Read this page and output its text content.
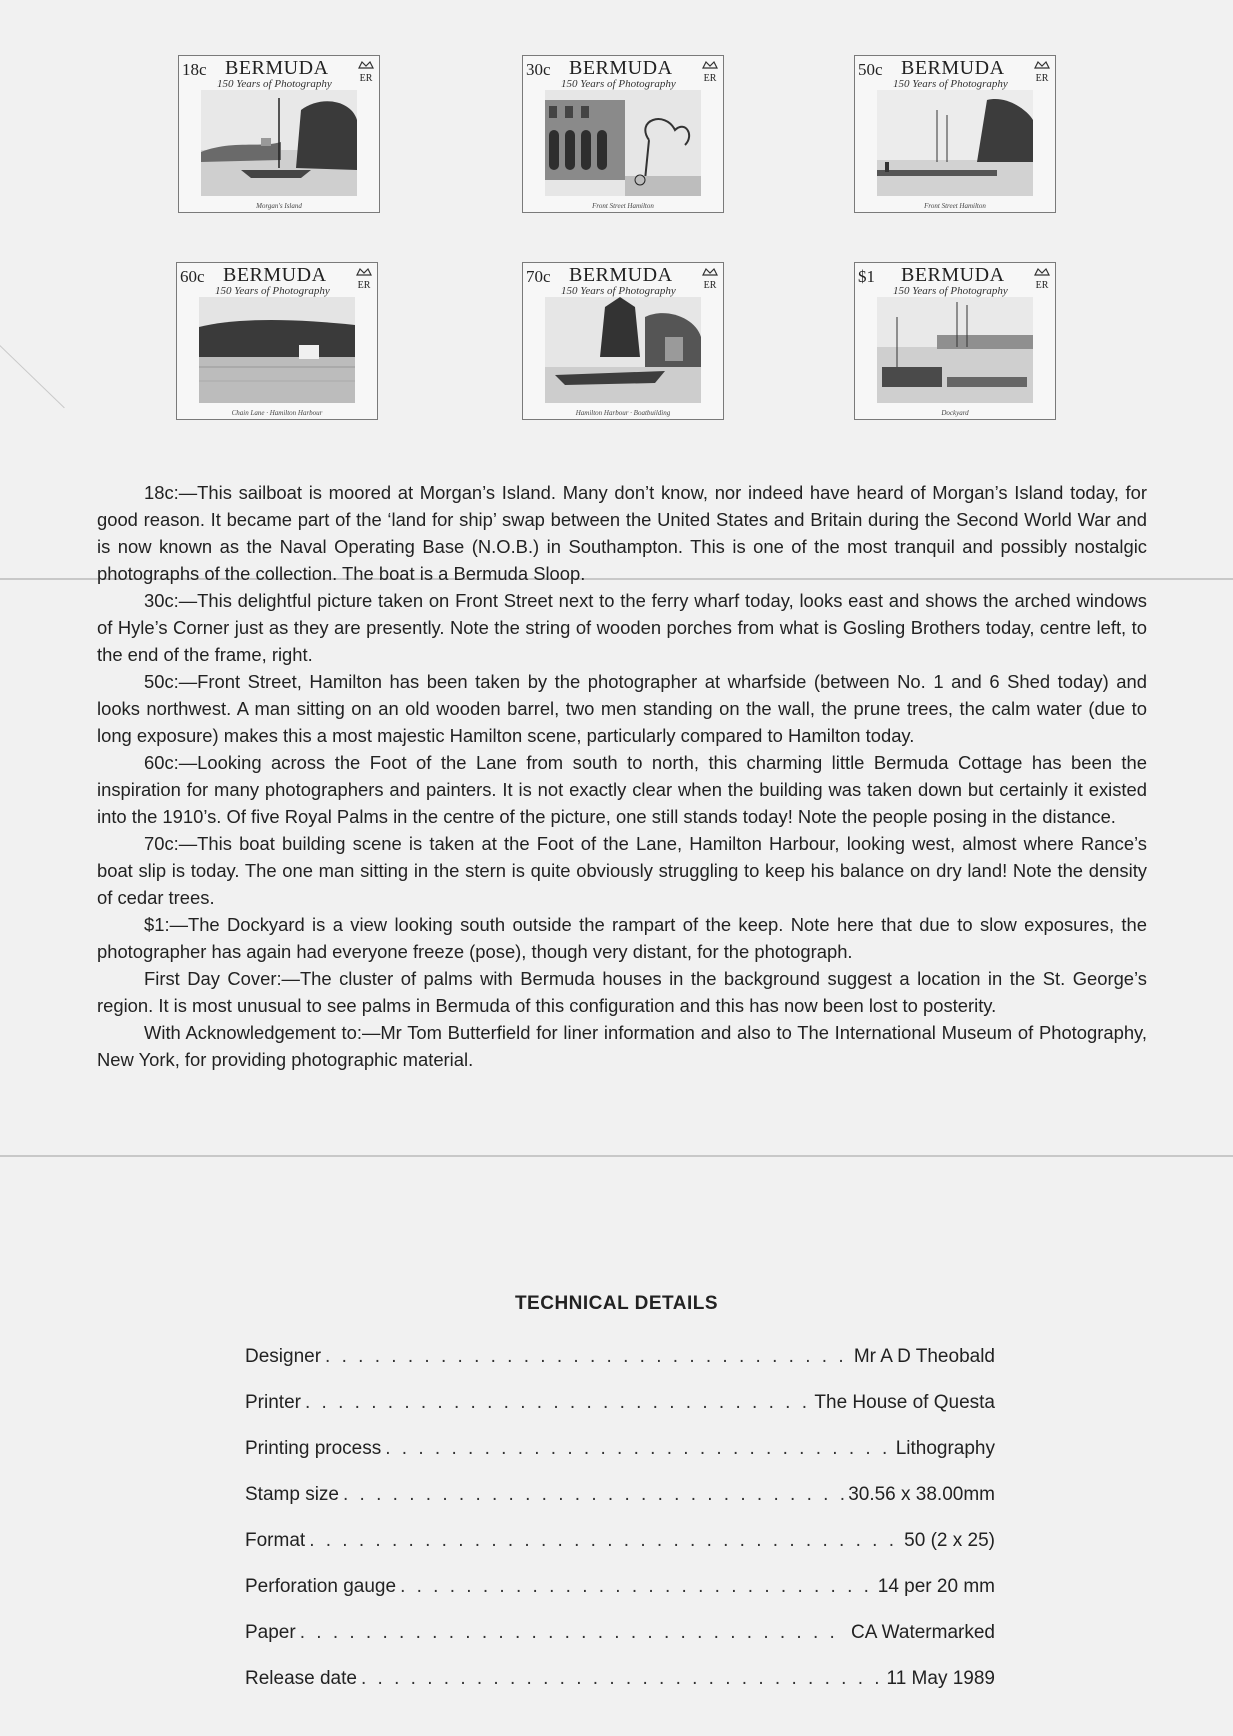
18c BERMUDA
150 Years of Photography	ER
Morgan's Island
30c BERMUDA
150 Years of Photography	ER
Front Street Hamilton
50c BERMUDA
150 Years of Photography	ER
Front Street Hamilton
60c BERMUDA
150 Years of Photography	ER
Chain Lane · Hamilton Harbour
70c BERMUDA
150 Years of Photography	ER
Hamilton Harbour · Boatbuilding
$1 BERMUDA
150 Years of Photography	ER
Dockyard

18c:—This sailboat is moored at Morgan’s Island. Many don’t know, nor indeed have heard of Morgan’s Island today, for good reason. It became part of the ‘land for ship’ swap between the United States and Britain during the Second World War and is now known as the Naval Operating Base (N.O.B.) in Southampton. This is one of the most tranquil and possibly nostalgic photographs of the collection. The boat is a Bermuda Sloop.

30c:—This delightful picture taken on Front Street next to the ferry wharf today, looks east and shows the arched windows of Hyle’s Corner just as they are presently. Note the string of wooden porches from what is Gosling Brothers today, centre left, to the end of the frame, right.

50c:—Front Street, Hamilton has been taken by the photographer at wharfside (between No. 1 and 6 Shed today) and looks northwest. A man sitting on an old wooden barrel, two men standing on the wall, the prune trees, the calm water (due to long exposure) makes this a most majestic Hamilton scene, particularly compared to Hamilton today.

60c:—Looking across the Foot of the Lane from south to north, this charming little Bermuda Cottage has been the inspiration for many photographers and painters. It is not exactly clear when the building was taken down but certainly it existed into the 1910’s. Of five Royal Palms in the centre of the picture, one still stands today! Note the people posing in the distance.

70c:—This boat building scene is taken at the Foot of the Lane, Hamilton Harbour, looking west, almost where Rance’s boat slip is today. The one man sitting in the stern is quite obviously struggling to keep his balance on dry land! Note the density of cedar trees.

$1:—The Dockyard is a view looking south outside the rampart of the keep. Note here that due to slow exposures, the photographer has again had everyone freeze (pose), though very distant, for the photograph.

First Day Cover:—The cluster of palms with Bermuda houses in the background suggest a location in the St. George’s region. It is most unusual to see palms in Bermuda of this configuration and this has now been lost to posterity.

With Acknowledgement to:—Mr Tom Butterfield for liner information and also to The International Museum of Photography, New York, for providing photographic material.

TECHNICAL DETAILS
Designer . . .	Mr A D Theobald
Printer . . .	The House of Questa
Printing process . . .	Lithography
Stamp size . . .	30.56 x 38.00mm
Format . . .	50 (2 x 25)
Perforation gauge . . .	14 per 20 mm
Paper . . .	CA Watermarked
Release date . . .	11 May 1989
